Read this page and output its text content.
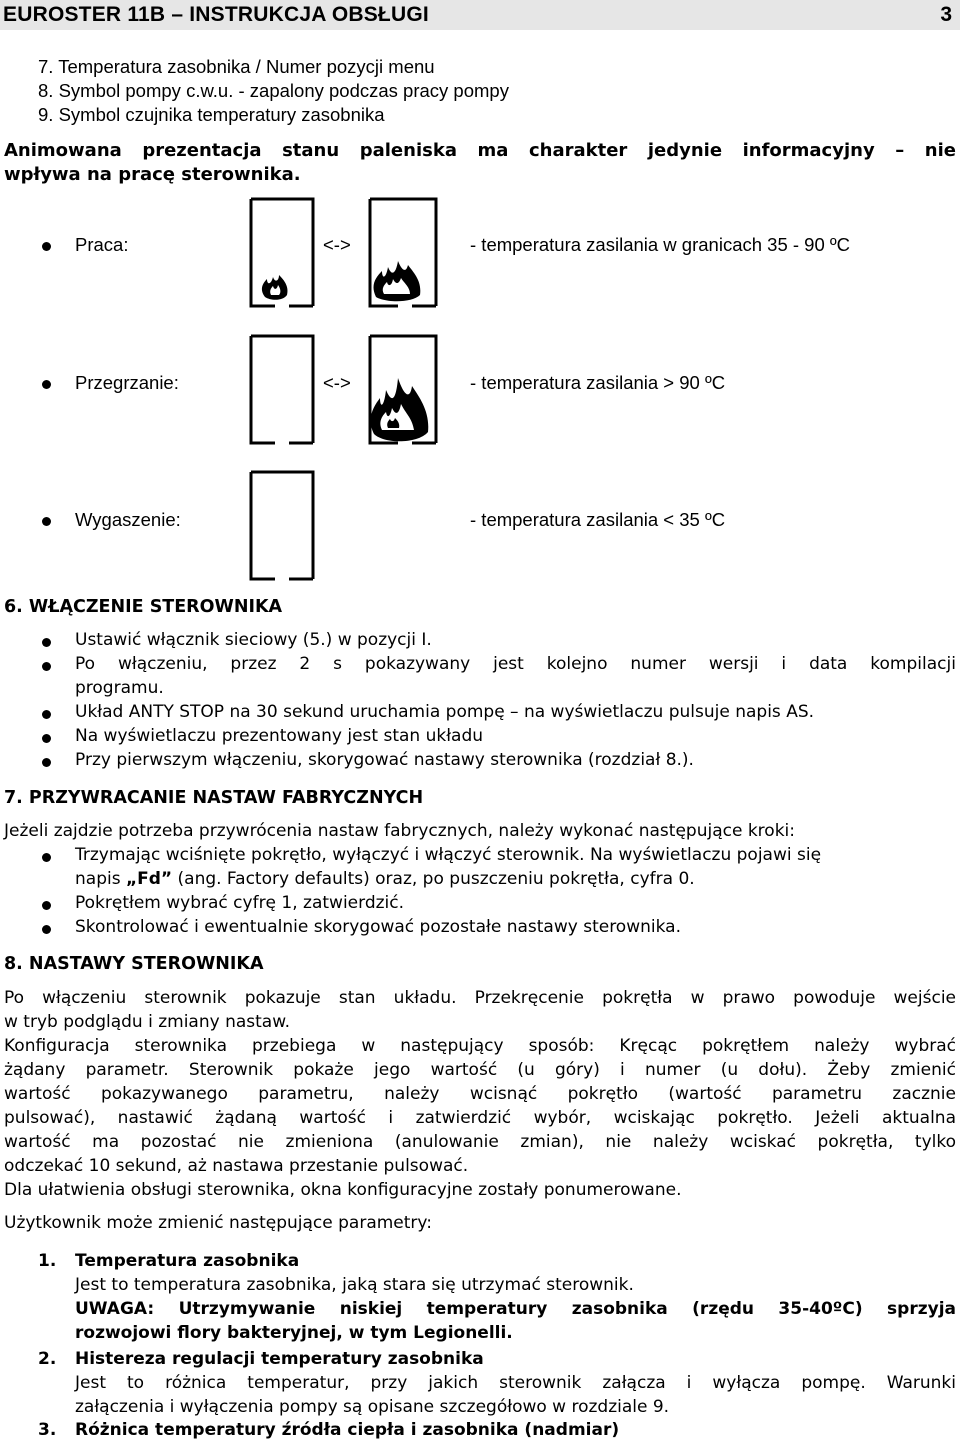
EUROSTER 11B – INSTRUKCJA OBSŁUGI	3
7. Temperatura zasobnika / Numer pozycji menu
8. Symbol pompy c.w.u. - zapalony podczas pracy pompy
9. Symbol czujnika temperatury zasobnika
Animowana prezentacja stanu paleniska ma charakter jedynie informacyjny – nie
wpływa na pracę sterownika.
Praca:	<->	- temperatura zasilania w granicach 35 - 90 ºC
Przegrzanie:	<->	- temperatura zasilania > 90 ºC
Wygaszenie:	- temperatura zasilania < 35 ºC
6. WŁĄCZENIE STEROWNIKA
Ustawić włącznik sieciowy (5.) w pozycji I.
Po włączeniu, przez 2 s pokazywany jest kolejno numer wersji i data kompilacji
programu.
Układ ANTY STOP na 30 sekund uruchamia pompę – na wyświetlaczu pulsuje napis AS.
Na wyświetlaczu prezentowany jest stan układu
Przy pierwszym włączeniu, skorygować nastawy sterownika (rozdział 8.).
7. PRZYWRACANIE NASTAW FABRYCZNYCH
Jeżeli zajdzie potrzeba przywrócenia nastaw fabrycznych, należy wykonać następujące kroki:
Trzymając wciśnięte pokrętło, wyłączyć i włączyć sterownik. Na wyświetlaczu pojawi się
napis „Fd” (ang. Factory defaults) oraz, po puszczeniu pokrętła, cyfra 0.
Pokrętłem wybrać cyfrę 1, zatwierdzić.
Skontrolować i ewentualnie skorygować pozostałe nastawy sterownika.
8. NASTAWY STEROWNIKA
Po włączeniu sterownik pokazuje stan układu. Przekręcenie pokrętła w prawo powoduje wejście
w tryb podglądu i zmiany nastaw.
Konfiguracja sterownika przebiega w następujący sposób: Kręcąc pokrętłem należy wybrać
żądany parametr. Sterownik pokaże jego wartość (u góry) i numer (u dołu). Żeby zmienić
wartość pokazywanego parametru, należy wcisnąć pokrętło (wartość parametru zacznie
pulsować), nastawić żądaną wartość i zatwierdzić wybór, wciskając pokrętło. Jeżeli aktualna
wartość ma pozostać nie zmieniona (anulowanie zmian), nie należy wciskać pokrętła, tylko
odczekać 10 sekund, aż nastawa przestanie pulsować.
Dla ułatwienia obsługi sterownika, okna konfiguracyjne zostały ponumerowane.
Użytkownik może zmienić następujące parametry:
1. Temperatura zasobnika
Jest to temperatura zasobnika, jaką stara się utrzymać sterownik.
UWAGA: Utrzymywanie niskiej temperatury zasobnika (rzędu 35-40ºC) sprzyja
rozwojowi flory bakteryjnej, w tym Legionelli.
2. Histereza regulacji temperatury zasobnika
Jest to różnica temperatur, przy jakich sterownik załącza i wyłącza pompę. Warunki
załączenia i wyłączenia pompy są opisane szczegółowo w rozdziale 9.
3. Różnica temperatury źródła ciepła i zasobnika (nadmiar)
